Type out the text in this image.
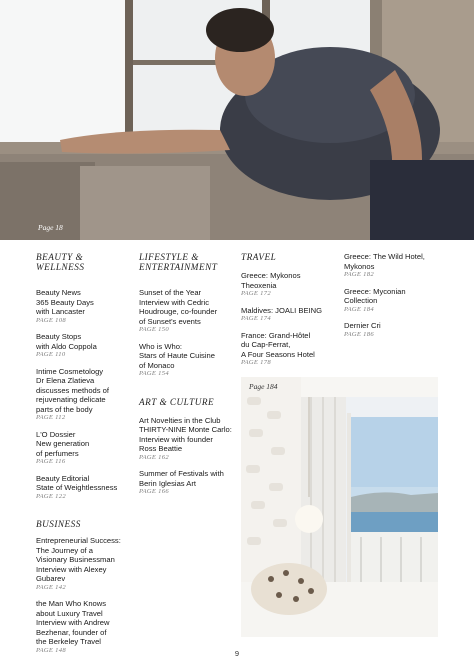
Page 18
BEAUTY & WELLNESS
Beauty News
365 Beauty Days
with Lancaster
PAGE 108
Beauty Stops
with Aldo Coppola
PAGE 110
Intime Cosmetology
Dr Elena Zlatieva
discusses methods of
rejuvenating delicate
parts of the body
PAGE 112
L'O Dossier
New generation
of perfumers
PAGE 116
Beauty Editorial
State of Weightlessness
PAGE 122
BUSINESS
Entrepreneurial Success:
The Journey of a
Visionary Businessman
Interview with Alexey
Gubarev
PAGE 142
the Man Who Knows
about Luxury Travel
Interview with Andrew
Bezhenar, founder of
the Berkeley Travel
PAGE 148
LIFESTYLE & ENTERTAINMENT
Sunset of the Year
Interview with Cedric
Houdrouge, co-founder
of Sunset's events
PAGE 150
Who is Who:
Stars of Haute Cuisine
of Monaco
PAGE 154
ART & CULTURE
Art Novelties in the Club
THIRTY-NINE Monte Carlo:
Interview with founder
Ross Beattie
PAGE 162
Summer of Festivals with
Berin Iglesias Art
PAGE 166
TRAVEL
Greece: Mykonos
Theoxenia
PAGE 172
Maldives: JOALI BEING
PAGE 174
France: Grand-Hôtel
du Cap-Ferrat,
A Four Seasons Hotel
PAGE 178
Greece: The Wild Hotel,
Mykonos
PAGE 182
Greece: Myconian
Collection
PAGE 184
Dernier Cri
PAGE 186
Page 184
9
